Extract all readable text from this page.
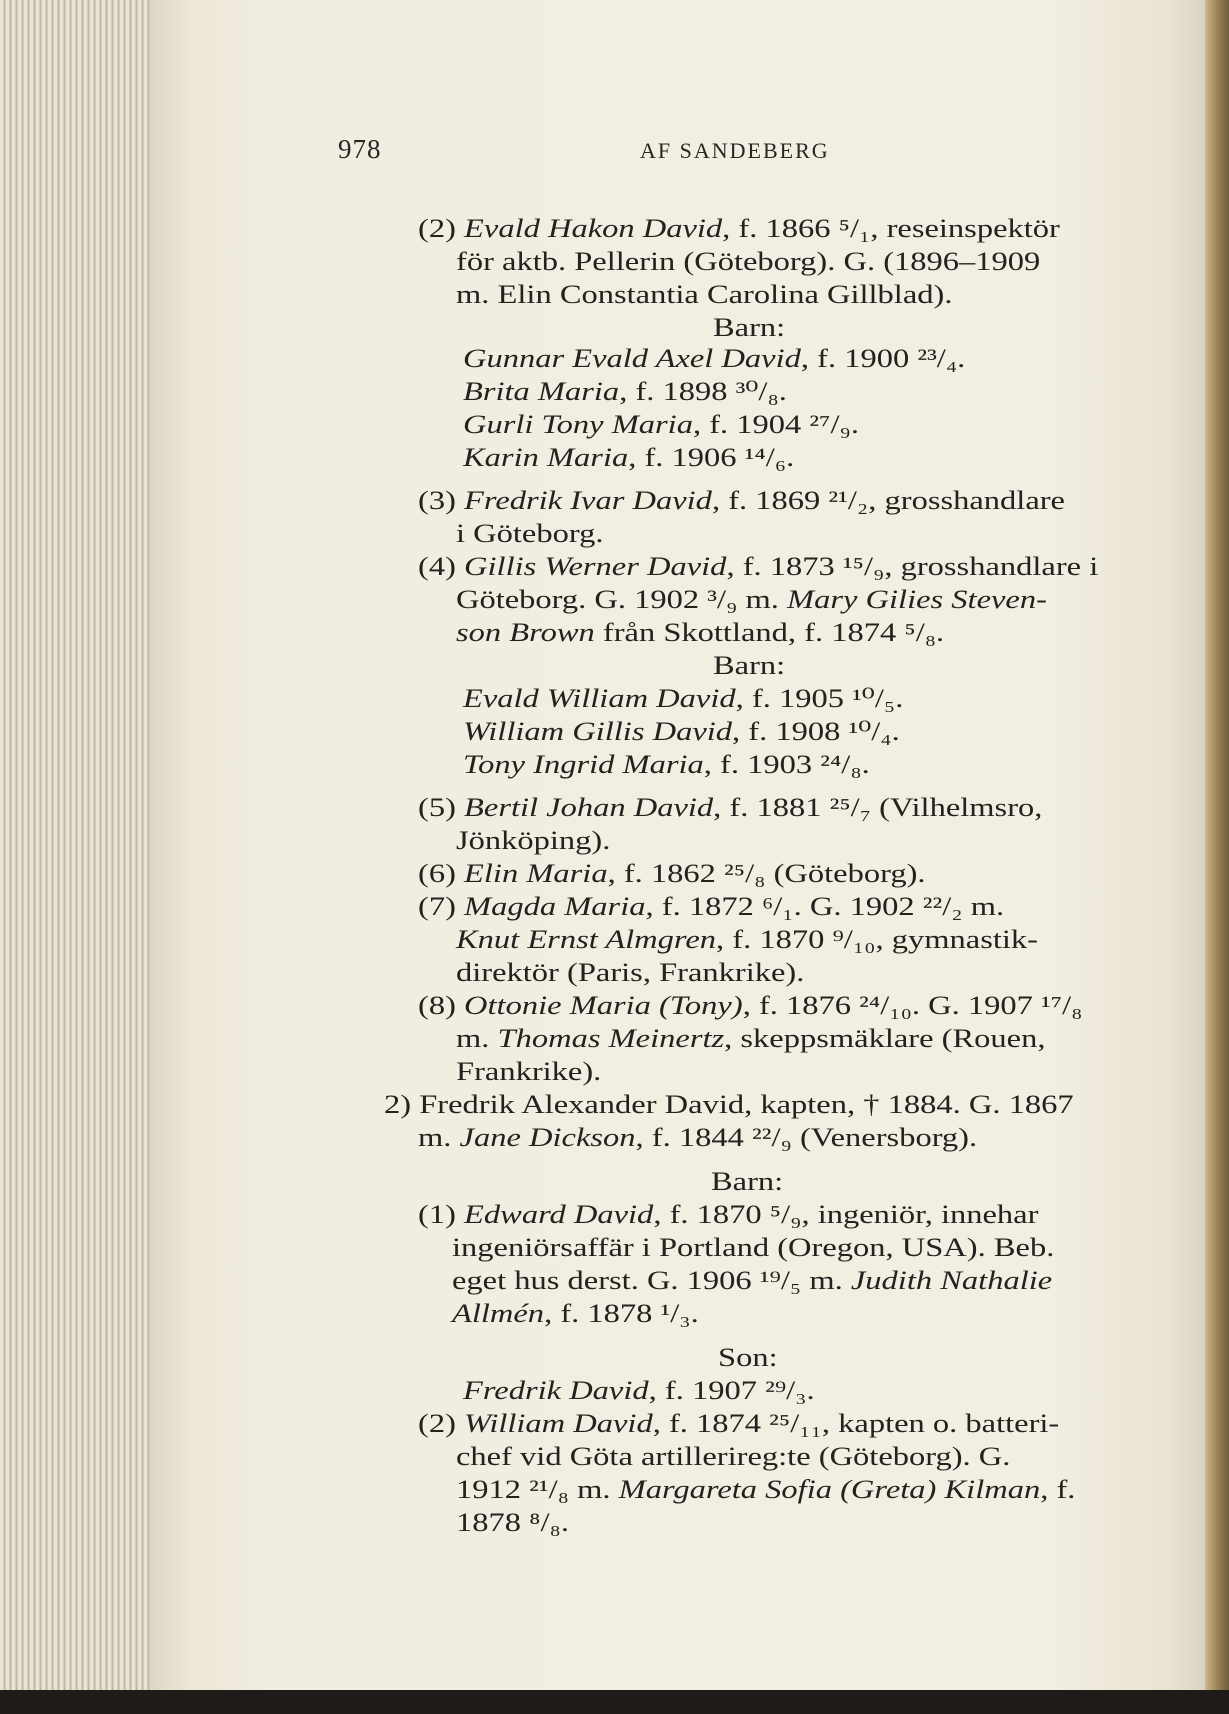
978	AF SANDEBERG
(2) Evald Hakon David, f. 1866 ⁵/₁, reseinspektör
för aktb. Pellerin (Göteborg). G. (1896–1909
m. Elin Constantia Carolina Gillblad).
Barn:
Gunnar Evald Axel David, f. 1900 ²³/₄.
Brita Maria, f. 1898 ³⁰/₈.
Gurli Tony Maria, f. 1904 ²⁷/₉.
Karin Maria, f. 1906 ¹⁴/₆.
(3) Fredrik Ivar David, f. 1869 ²¹/₂, grosshandlare
i Göteborg.
(4) Gillis Werner David, f. 1873 ¹⁵/₉, grosshandlare i
Göteborg. G. 1902 ³/₉ m. Mary Gilies Steven-
son Brown från Skottland, f. 1874 ⁵/₈.
Barn:
Evald William David, f. 1905 ¹⁰/₅.
William Gillis David, f. 1908 ¹⁰/₄.
Tony Ingrid Maria, f. 1903 ²⁴/₈.
(5) Bertil Johan David, f. 1881 ²⁵/₇ (Vilhelmsro,
Jönköping).
(6) Elin Maria, f. 1862 ²⁵/₈ (Göteborg).
(7) Magda Maria, f. 1872 ⁶/₁. G. 1902 ²²/₂ m.
Knut Ernst Almgren, f. 1870 ⁹/₁₀, gymnastik-
direktör (Paris, Frankrike).
(8) Ottonie Maria (Tony), f. 1876 ²⁴/₁₀. G. 1907 ¹⁷/₈
m. Thomas Meinertz, skeppsmäklare (Rouen,
Frankrike).
2) Fredrik Alexander David, kapten, † 1884. G. 1867
m. Jane Dickson, f. 1844 ²²/₉ (Venersborg).
Barn:
(1) Edward David, f. 1870 ⁵/₉, ingeniör, innehar
ingeniörsaffär i Portland (Oregon, USA). Beb.
eget hus derst. G. 1906 ¹⁹/₅ m. Judith Nathalie
Allmén, f. 1878 ¹/₃.
Son:
Fredrik David, f. 1907 ²⁹/₃.
(2) William David, f. 1874 ²⁵/₁₁, kapten o. batteri-
chef vid Göta artillerireg:te (Göteborg). G.
1912 ²¹/₈ m. Margareta Sofia (Greta) Kilman, f.
1878 ⁸/₈.
